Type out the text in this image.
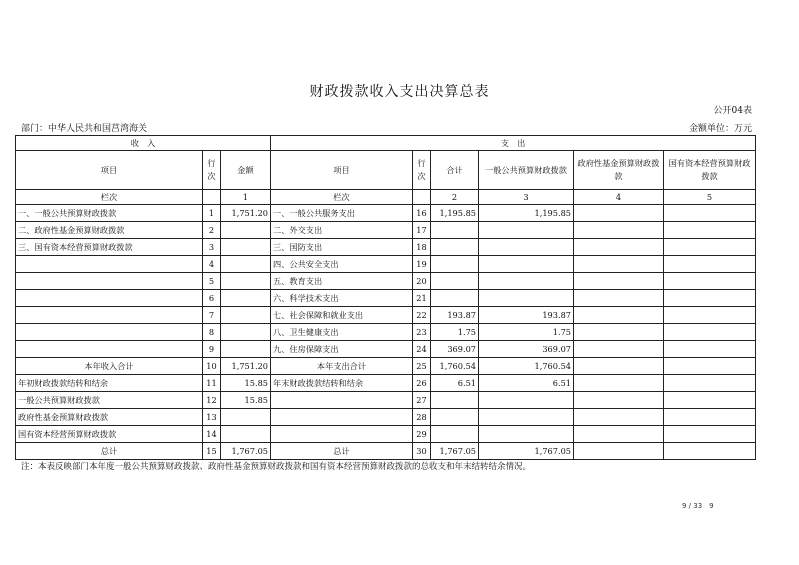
财政拨款收入支出决算总表
公开04表
部门：中华人民共和国莒湾海关	金额单位：万元
收　入			支　出					
项目	行次	金额	项目	行次	合计	一般公共预算财政拨款	政府性基金预算财政拨款	国有资本经营预算财政拨款
栏次		1	栏次		2	3	4	5
一、一般公共预算财政拨款	1	1,751.20	一、一般公共服务支出	16	1,195.85	1,195.85		
二、政府性基金预算财政拨款	2		二、外交支出	17				
三、国有资本经营预算财政拨款	3		三、国防支出	18				
	4		四、公共安全支出	19				
	5		五、教育支出	20				
	6		六、科学技术支出	21				
	7		七、社会保障和就业支出	22	193.87	193.87		
	8		八、卫生健康支出	23	1.75	1.75		
	9		九、住房保障支出	24	369.07	369.07		
本年收入合计	10	1,751.20	本年支出合计	25	1,760.54	1,760.54		
年初财政拨款结转和结余	11	15.85	年末财政拨款结转和结余	26	6.51	6.51		
一般公共预算财政拨款	12	15.85		27				
政府性基金预算财政拨款	13			28				
国有资本经营预算财政拨款	14			29				
总计	15	1,767.05	总计	30	1,767.05	1,767.05		
注：本表反映部门本年度一般公共预算财政拨款、政府性基金预算财政拨款和国有资本经营预算财政拨款的总收支和年末结转结余情况。
9 / 33　9
